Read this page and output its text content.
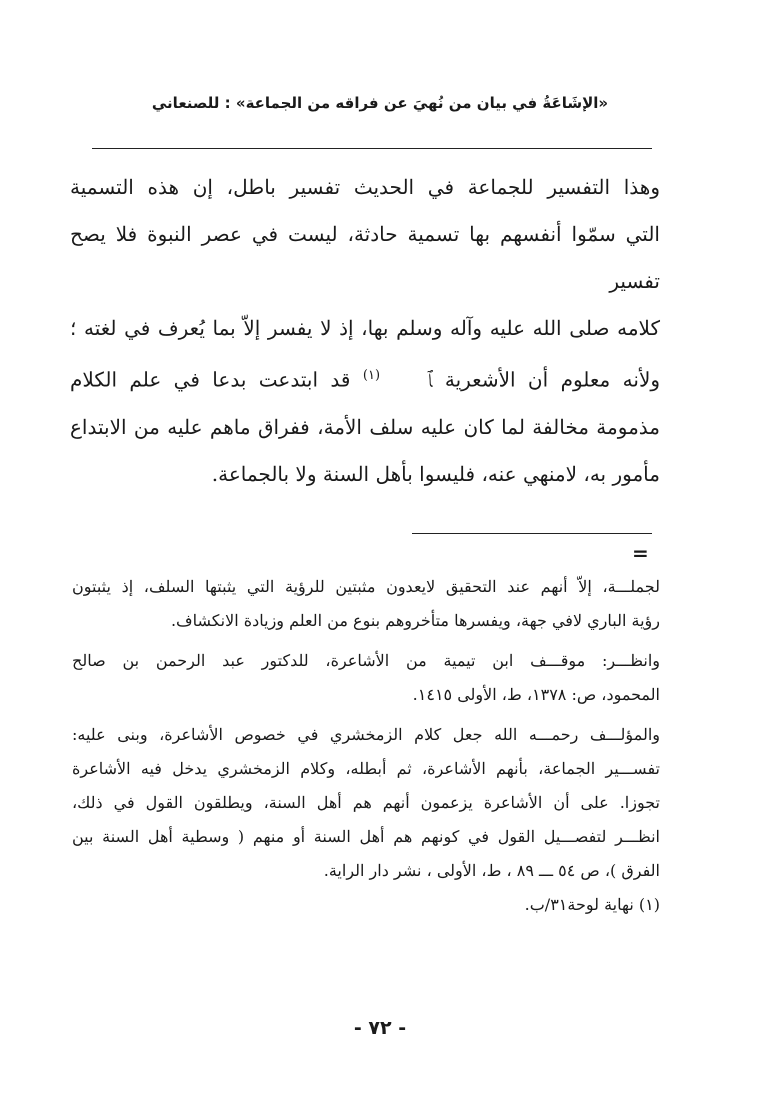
«الإشَاعَةُ في بيان من نُهيَ عن فراقه من الجماعة» : للصنعاني
وهذا التفسير للجماعة في الحديث تفسير باطل، إن هذه التسمية
التي سمّوا أنفسهم بها تسمية حادثة، ليست في عصر النبوة فلا يصح تفسير
كلامه صلى الله عليه وآله وسلم بها، إذ لا يفسر إلاّ بما يُعرف في لغته ؛
ولأنه معلوم أن الأشعرية ﭑ $^{(١)}$ قد ابتدعت بدعا في علم الكلام
مذمومة مخالفة لما كان عليه سلف الأمة، ففراق ماهم عليه من الابتداع
مأمور به، لامنهي عنه، فليسوا بأهل السنة ولا بالجماعة.
=
لجملـــة، إلاّ أنهم عند التحقيق لايعدون مثبتين للرؤية التي يثبتها السلف، إذ يثبتون
رؤية الباري لافي جهة، ويفسرها متأخروهم بنوع من العلم وزيادة الانكشاف.
وانظـــر: موقـــف ابن تيمية من الأشاعرة، للدكتور عبد الرحمن بن صالح
المحمود، ص: ١٣٧٨، ط، الأولى ١٤١٥.
والمؤلـــف رحمـــه الله جعل كلام الزمخشري في خصوص الأشاعرة، وبنى عليه:
تفســـير الجماعة، بأنهم الأشاعرة، ثم أبطله، وكلام الزمخشري يدخل فيه الأشاعرة
تجوزا. على أن الأشاعرة يزعمون أنهم هم أهل السنة، ويطلقون القول في ذلك،
انظـــر لتفصـــيل القول في كونهم هم أهل السنة أو منهم ( وسطية أهل السنة بين
الفرق )، ص ٥٤ ـــ ٨٩ ، ط، الأولى ، نشر دار الراية.
(١) نهاية لوحة٣١/ب.
- ٧٢ -
